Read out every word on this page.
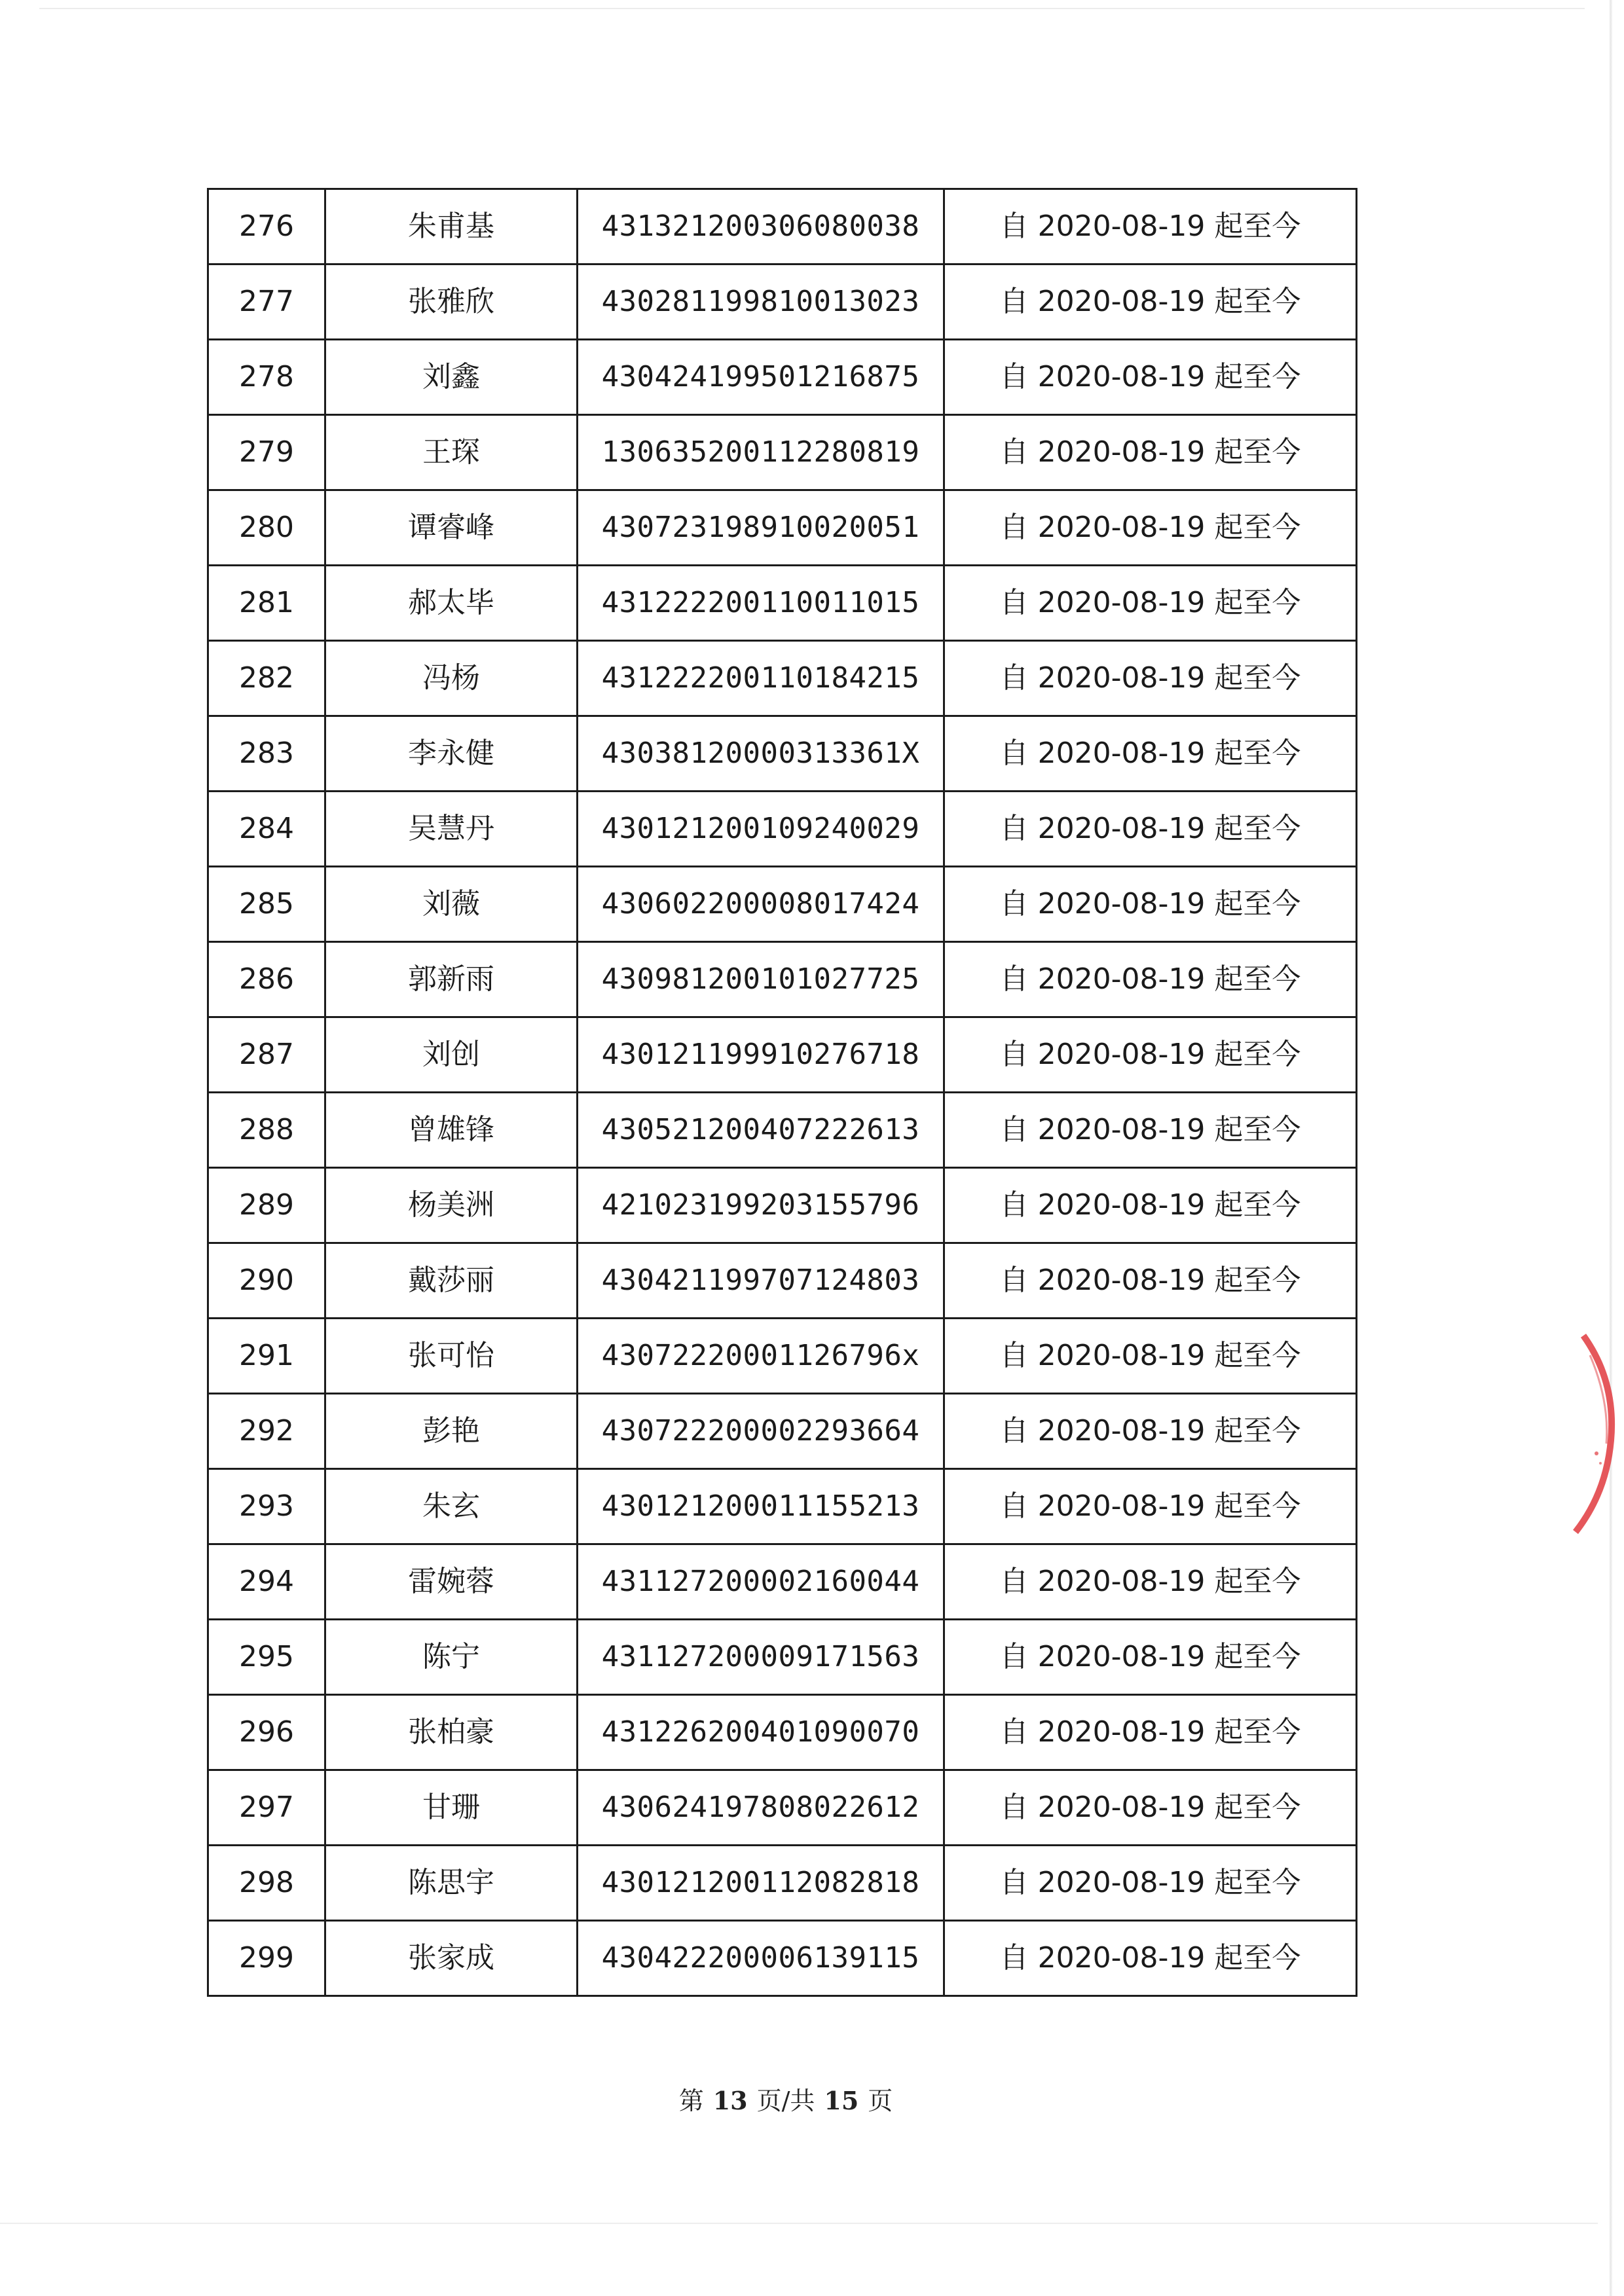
276	朱甫基	431321200306080038	自 2020-08-19 起至今
277	张雅欣	430281199810013023	自 2020-08-19 起至今
278	刘鑫	430424199501216875	自 2020-08-19 起至今
279	王琛	130635200112280819	自 2020-08-19 起至今
280	谭睿峰	430723198910020051	自 2020-08-19 起至今
281	郝太毕	431222200110011015	自 2020-08-19 起至今
282	冯杨	431222200110184215	自 2020-08-19 起至今
283	李永健	43038120000313361X	自 2020-08-19 起至今
284	吴慧丹	430121200109240029	自 2020-08-19 起至今
285	刘薇	430602200008017424	自 2020-08-19 起至今
286	郭新雨	430981200101027725	自 2020-08-19 起至今
287	刘创	430121199910276718	自 2020-08-19 起至今
288	曾雄锋	430521200407222613	自 2020-08-19 起至今
289	杨美洲	421023199203155796	自 2020-08-19 起至今
290	戴莎丽	430421199707124803	自 2020-08-19 起至今
291	张可怡	43072220001126796x	自 2020-08-19 起至今
292	彭艳	430722200002293664	自 2020-08-19 起至今
293	朱玄	430121200011155213	自 2020-08-19 起至今
294	雷婉蓉	431127200002160044	自 2020-08-19 起至今
295	陈宁	431127200009171563	自 2020-08-19 起至今
296	张柏豪	431226200401090070	自 2020-08-19 起至今
297	甘珊	430624197808022612	自 2020-08-19 起至今
298	陈思宇	430121200112082818	自 2020-08-19 起至今
299	张家成	430422200006139115	自 2020-08-19 起至今
第 13 页/共 15 页
